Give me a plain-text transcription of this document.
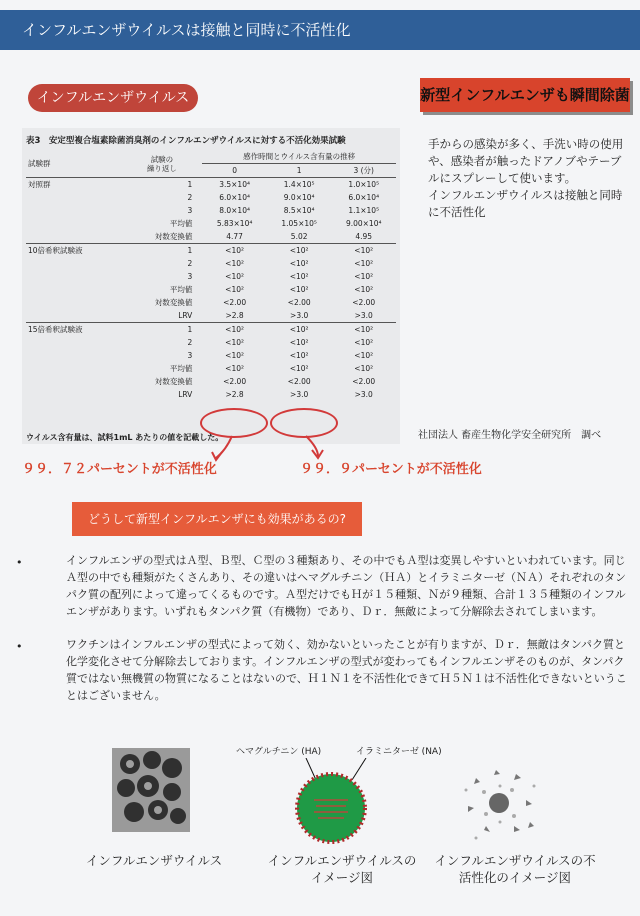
インフルエンザウイルスは接触と同時に不活性化
インフルエンザウイルス	新型インフルエンザも瞬間除菌
表3　安定型複合塩素除菌消臭剤のインフルエンザウイルスに対する不活化効果試験
試験群	試験の
繰り返し	感作時間とウイルス含有量の推移		
		0	1	3 (分)
対照群	1	3.5×10⁴	1.4×10⁵	1.0×10⁵
	2	6.0×10⁴	9.0×10⁴	6.0×10⁴
	3	8.0×10⁴	8.5×10⁴	1.1×10⁵
	平均値	5.83×10⁴	1.05×10⁵	9.00×10⁴
	対数変換値	4.77	5.02	4.95
10倍希釈試験液	1	<10²	<10²	<10²
	2	<10²	<10²	<10²
	3	<10²	<10²	<10²
	平均値	<10²	<10²	<10²
	対数変換値	<2.00	<2.00	<2.00
	LRV	>2.8	>3.0	>3.0
15倍希釈試験液	1	<10²	<10²	<10²
	2	<10²	<10²	<10²
	3	<10²	<10²	<10²
	平均値	<10²	<10²	<10²
	対数変換値	<2.00	<2.00	<2.00
	LRV	>2.8	>3.0	>3.0
ウイルス含有量は、試料1mL あたりの値を記載した。
手からの感染が多く、手洗い時の使用や、感染者が触ったドアノブやテーブルにスプレーして使います。
インフルエンザウイルスは接触と同時に不活性化
社団法人 畜産生物化学安全研究所　調べ
９９．７２パーセントが不活性化	９９．９パーセントが不活性化
どうして新型インフルエンザにも効果があるの?
•	インフルエンザの型式はＡ型、Ｂ型、Ｃ型の３種類あり、その中でもＡ型は変異しやすいといわれています。同じＡ型の中でも種類がたくさんあり、その違いはヘマグルチニン（ＨＡ）とイラミニターゼ（ＮＡ）それぞれのタンパク質の配列によって違ってくるものです。Ａ型だけでもＨが１５種類、Ｎが９種類、合計１３５種類のインフルエンザがあります。いずれもタンパク質（有機物）であり、Ｄｒ．無敵によって分解除去されてしまいます。
•	ワクチンはインフルエンザの型式によって効く、効かないといったことが有りますが、Ｄｒ．無敵はタンパク質と化学変化させて分解除去しております。インフルエンザの型式が変わってもインフルエンザそのものが、タンパク質ではない無機質の物質になることはないので、Ｈ１Ｎ１を不活性化できてＨ５Ｎ１は不活性化できないということはございません。
ヘマグルチニン (HA)	イラミニターゼ (NA)
インフルエンザウイルス	インフルエンザウイルスのイメージ図
インフルエンザウイルスの不活性化のイメージ図
